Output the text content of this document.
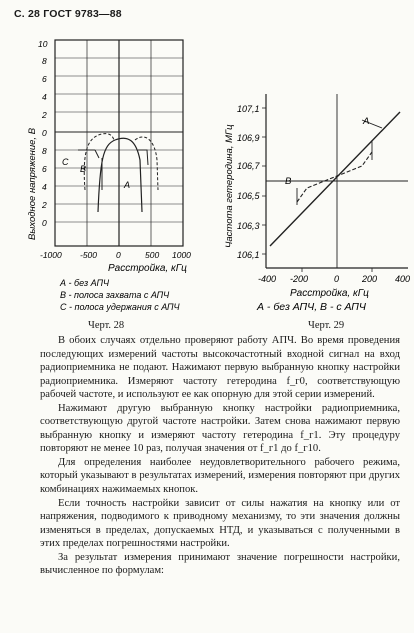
С. 28 ГОСТ 9783—88
Выходное напряжение, В
10
8
6
4
2
0
8
6
4
2
0
С
В
А
-1000 -500 0	500 1000
Расстройка, кГц
А - без АПЧ
В - полоса захвата с АПЧ
С - полоса удержания с АПЧ
Частота гетеродина, МГц
107,1
106,9
106,7
106,5
106,3
106,1
А
В
-400 -200	0	200 400
Расстройка, кГц
А - без АПЧ, В - с АПЧ
Черт. 28	Черт. 29

В обоих случаях отдельно проверяют работу АПЧ. Во время проведения последующих измерений частоты высокочастотный входной сигнал на вход радиоприемника не подают. Нажимают первую выбранную кнопку настройки радиоприемника. Измеряют частоту гетеродина f_г0, соответствующую рабочей частоте, и используют ее как опорную для этой серии измерений.

Нажимают другую выбранную кнопку настройки радиоприемника, соответствующую другой частоте настройки. Затем снова нажимают первую выбранную кнопку и измеряют частоту гетеродина f_г1. Эту процедуру повторяют не менее 10 раз, получая значения от f_г1 до f_г10.

Для определения наиболее неудовлетворительного рабочего режима, который указывают в результатах измерений, измерения повторяют при других комбинациях нажимаемых кнопок.

Если точность настройки зависит от силы нажатия на кнопку или от напряжения, подводимого к приводному механизму, то эти значения должны изменяться в пределах, допускаемых НТД, и указываться с полученными в этих пределах погрешностями настройки.

За результат измерения принимают значение погрешности настройки, вычисленное по формулам:
